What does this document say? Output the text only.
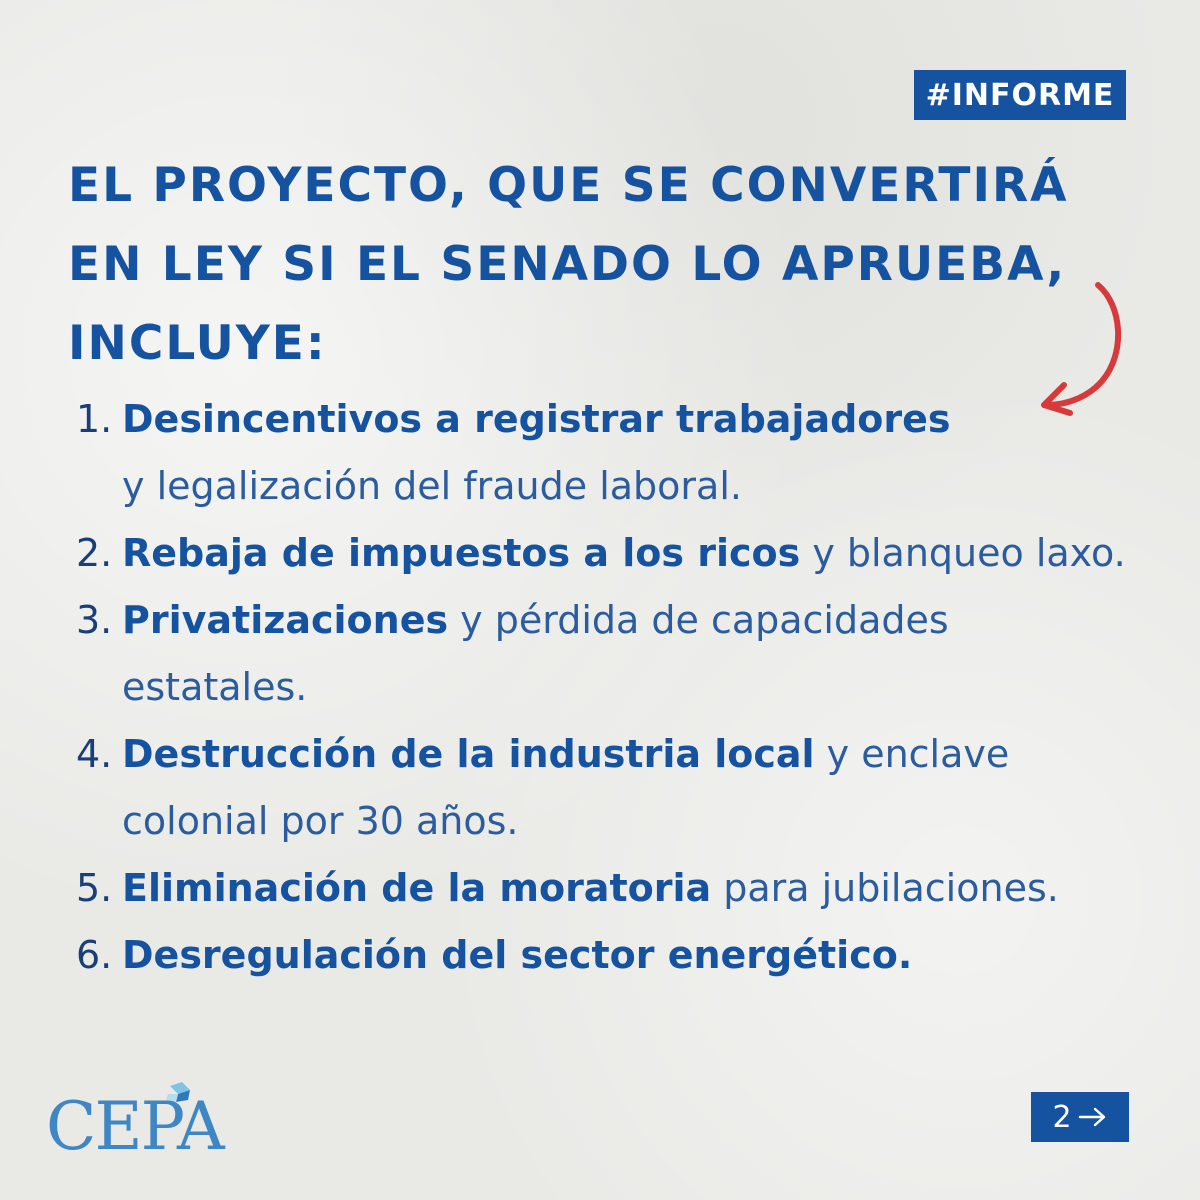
#INFORME
EL PROYECTO, QUE SE CONVERTIRÁ EN LEY SI EL SENADO LO APRUEBA, INCLUYE:
1. Desincentivos a registrar trabajadores
y legalización del fraude laboral.
2. Rebaja de impuestos a los ricos y blanqueo laxo.
3. Privatizaciones y pérdida de capacidades estatales.
4. Destrucción de la industria local y enclave colonial por 30 años.
5. Eliminación de la moratoria para jubilaciones.
6. Desregulación del sector energético.
CEPA	2
